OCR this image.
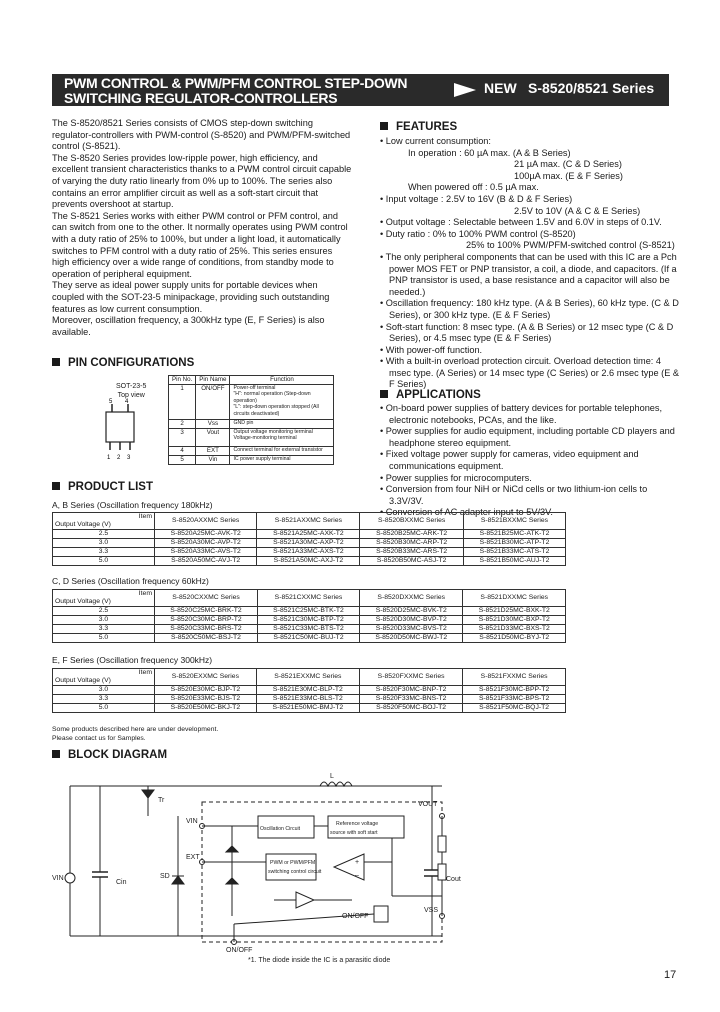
PWM CONTROL & PWM/PFM CONTROL STEP-DOWN
SWITCHING REGULATOR-CONTROLLERS
NEW S-8520/8521 Series

The S-8520/8521 Series consists of CMOS step-down switching regulator-controllers with PWM-control (S-8520) and PWM/PFM-switched control (S-8521).

The S-8520 Series provides low-ripple power, high efficiency, and excellent transient characteristics thanks to a PWM control circuit capable of varying the duty ratio linearly from 0% up to 100%. The series also contains an error amplifier circuit as well as a soft-start circuit that prevents overshoot at startup.

The S-8521 Series works with either PWM control or PFM control, and can switch from one to the other. It normally operates using PWM control with a duty ratio of 25% to 100%, but under a light load, it automatically switches to PFM control with a duty ratio of 25%. This series ensures high efficiency over a wide range of conditions, from standby mode to operation of peripheral equipment.

They serve as ideal power supply units for portable devices when coupled with the SOT-23-5 minipackage, providing such outstanding features as low current consumption.

Moreover, oscillation frequency, a 300kHz type (E, F Series) is also available.

FEATURES
• Low current consumption:
In operation : 60 µA max. (A & B Series)
21 µA max. (C & D Series)
100µA max. (E & F Series)
When powered off : 0.5 µA max.
• Input voltage : 2.5V to 16V (B & D & F Series)
2.5V to 10V (A & C & E Series)
• Output voltage : Selectable between 1.5V and 6.0V in steps of 0.1V.
• Duty ratio : 0% to 100% PWM control (S-8520)
25% to 100% PWM/PFM-switched control (S-8521)
• The only peripheral components that can be used with this IC are a Pch power MOS FET or PNP transistor, a coil, a diode, and capacitors. (If a PNP transistor is used, a base resistance and a capacitor will also be needed.)
• Oscillation frequency: 180 kHz type. (A & B Series), 60 kHz type. (C & D Series), or 300 kHz type. (E & F Series)
• Soft-start function: 8 msec type. (A & B Series) or 12 msec type (C & D Series), or 4.5 msec type (E & F Series)
• With power-off function.
• With a built-in overload protection circuit. Overload detection time: 4 msec type. (A Series) or 14 msec type (C Series) or 2.6 msec type (E & F Series)
APPLICATIONS
• On-board power supplies of battery devices for portable telephones, electronic notebooks, PCAs, and the like.
• Power supplies for audio equipment, including portable CD players and headphone stereo equipment.
• Fixed voltage power supply for cameras, video equipment and communications equipment.
• Power supplies for microcomputers.
• Conversion from four NiH or NiCd cells or two lithium-ion cells to 3.3V/3V.
• Conversion of AC adapter input to 5V/3V.
PIN CONFIGURATIONS
SOT-23-5
Top view
5 4
1 2 3
Pin No.	Pin Name	Function

1	ON/OFF	Power-off terminal
"H": normal operation (Step-down operation)
"L": step-down operation stopped (All circuits deactivated)

2	Vss	GND pin

3	Vout	Output voltage monitoring terminal
Voltage-monitoring terminal

4	EXT	Connect terminal for external transistor

5	Vin	IC power supply terminal
PRODUCT LIST
A, B Series (Oscillation frequency 180kHz)
Item
Output Voltage (V)	S-8520AXXMC Series	S-8521AXXMC Series	S-8520BXXMC Series	S-8521BXXMC Series
2.5	S-8520A25MC-AVK-T2	S-8521A25MC-AXK-T2	S-8520B25MC-ARK-T2	S-8521B25MC-ATK-T2
3.0	S-8520A30MC-AVP-T2	S-8521A30MC-AXP-T2	S-8520B30MC-ARP-T2	S-8521B30MC-ATP-T2
3.3	S-8520A33MC-AVS-T2	S-8521A33MC-AXS-T2	S-8520B33MC-ARS-T2	S-8521B33MC-ATS-T2
5.0	S-8520A50MC-AVJ-T2	S-8521A50MC-AXJ-T2	S-8520B50MC-ASJ-T2	S-8521B50MC-AUJ-T2
C, D Series (Oscillation frequency 60kHz)
Item
Output Voltage (V)	S-8520CXXMC Series	S-8521CXXMC Series	S-8520DXXMC Series	S-8521DXXMC Series
2.5	S-8520C25MC-BRK-T2	S-8521C25MC-BTK-T2	S-8520D25MC-BVK-T2	S-8521D25MC-BXK-T2
3.0	S-8520C30MC-BRP-T2	S-8521C30MC-BTP-T2	S-8520D30MC-BVP-T2	S-8521D30MC-BXP-T2
3.3	S-8520C33MC-BRS-T2	S-8521C33MC-BTS-T2	S-8520D33MC-BVS-T2	S-8521D33MC-BXS-T2
5.0	S-8520C50MC-BSJ-T2	S-8521C50MC-BUJ-T2	S-8520D50MC-BWJ-T2	S-8521D50MC-BYJ-T2
E, F Series (Oscillation frequency 300kHz)
Item
Output Voltage (V)	S-8520EXXMC Series	S-8521EXXMC Series	S-8520FXXMC Series	S-8521FXXMC Series
3.0	S-8520E30MC-BJP-T2	S-8521E30MC-BLP-T2	S-8520F30MC-BNP-T2	S-8521F30MC-BPP-T2
3.3	S-8520E33MC-BJS-T2	S-8521E33MC-BLS-T2	S-8520F33MC-BNS-T2	S-8521F33MC-BPS-T2
5.0	S-8520E50MC-BKJ-T2	S-8521E50MC-BMJ-T2	S-8520F50MC-BOJ-T2	S-8521F50MC-BQJ-T2
Some products described here are under development.
Please contact us for Samples.
BLOCK DIAGRAM
VIN
VIN
EXT
Cin
SD
Tr
L
VOUT
Cout
VSS
ON/OFF
ON/OFF
Oscillation Circuit
PWM or PWM/PFM
switching control circuit
Reference voltage
source with soft start
+
–
*1. The diode inside the IC is a parasitic diode
17
